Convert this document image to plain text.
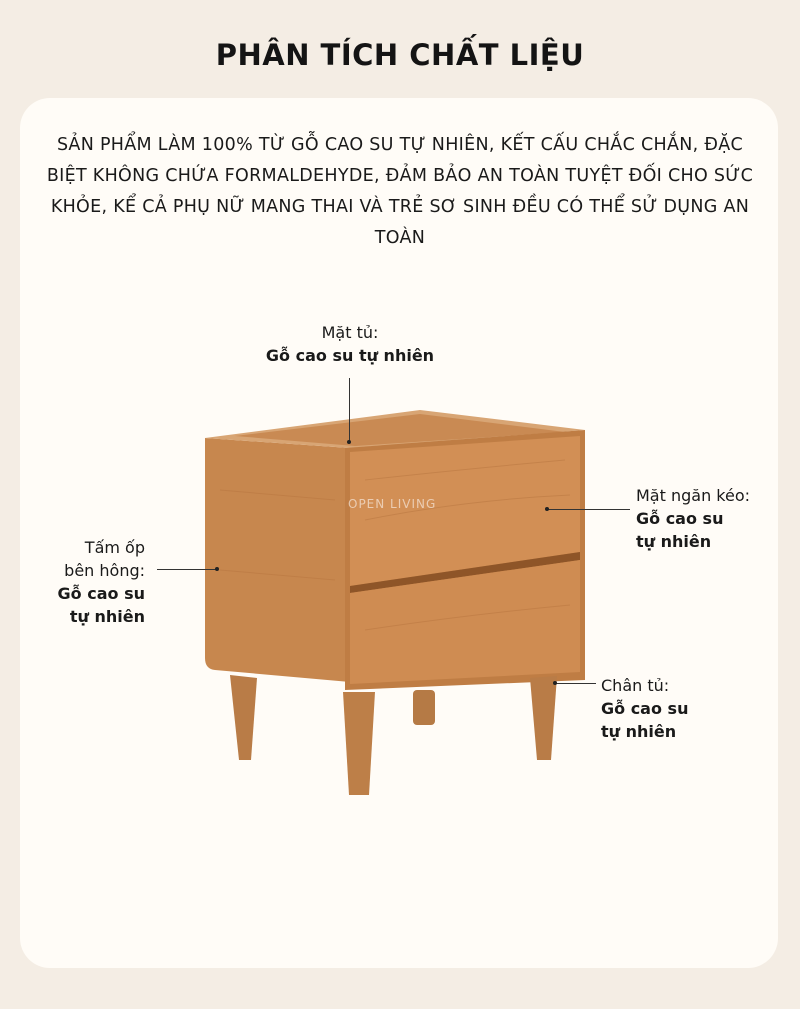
PHÂN TÍCH CHẤT LIỆU
SẢN PHẨM LÀM 100% TỪ GỖ CAO SU TỰ NHIÊN, KẾT CẤU CHẮC CHẮN, ĐẶC BIỆT KHÔNG CHỨA FORMALDEHYDE, ĐẢM BẢO AN TOÀN TUYỆT ĐỐI CHO SỨC KHỎE, KỂ CẢ PHỤ NỮ MANG THAI VÀ TRẺ SƠ SINH ĐỀU CÓ THỂ SỬ DỤNG AN TOÀN
OPEN LIVING
Mặt tủ:
Gỗ cao su tự nhiên
Mặt ngăn kéo:
Gỗ cao su
tự nhiên
Tấm ốp
bên hông:
Gỗ cao su
tự nhiên
Chân tủ:
Gỗ cao su
tự nhiên
